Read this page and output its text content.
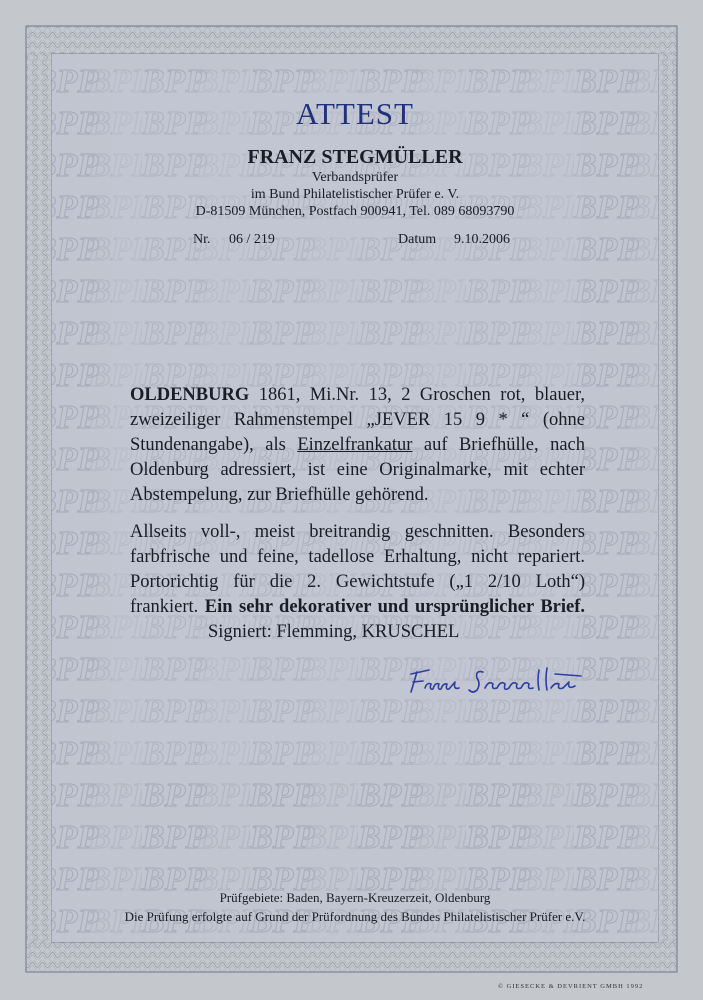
ATTEST
FRANZ STEGMÜLLER
Verbandsprüfer
im Bund Philatelistischer Prüfer e. V.
D-81509 München, Postfach 900941, Tel. 089 68093790
Nr. 06 / 219	Datum 9.10.2006
OLDENBURG 1861, Mi.Nr. 13, 2 Groschen rot, blauer,
zweizeiliger Rahmenstempel „JEVER 15 9 * “ (ohne
Stundenangabe), als Einzelfrankatur auf Briefhülle, nach
Oldenburg adressiert, ist eine Originalmarke, mit echter
Abstempelung, zur Briefhülle gehörend.
Allseits voll-, meist breitrandig geschnitten. Besonders
farbfrische und feine, tadellose Erhaltung, nicht repariert.
Portorichtig für die 2. Gewichtstufe („1 2/10 Loth“)
frankiert. Ein sehr dekorativer und ursprünglicher Brief.
Signiert: Flemming, KRUSCHEL
Prüfgebiete: Baden, Bayern-Kreuzerzeit, Oldenburg
Die Prüfung erfolgte auf Grund der Prüfordnung des Bundes Philatelistischer Prüfer e.V.
© GIESECKE & DEVRIENT GMBH 1992
